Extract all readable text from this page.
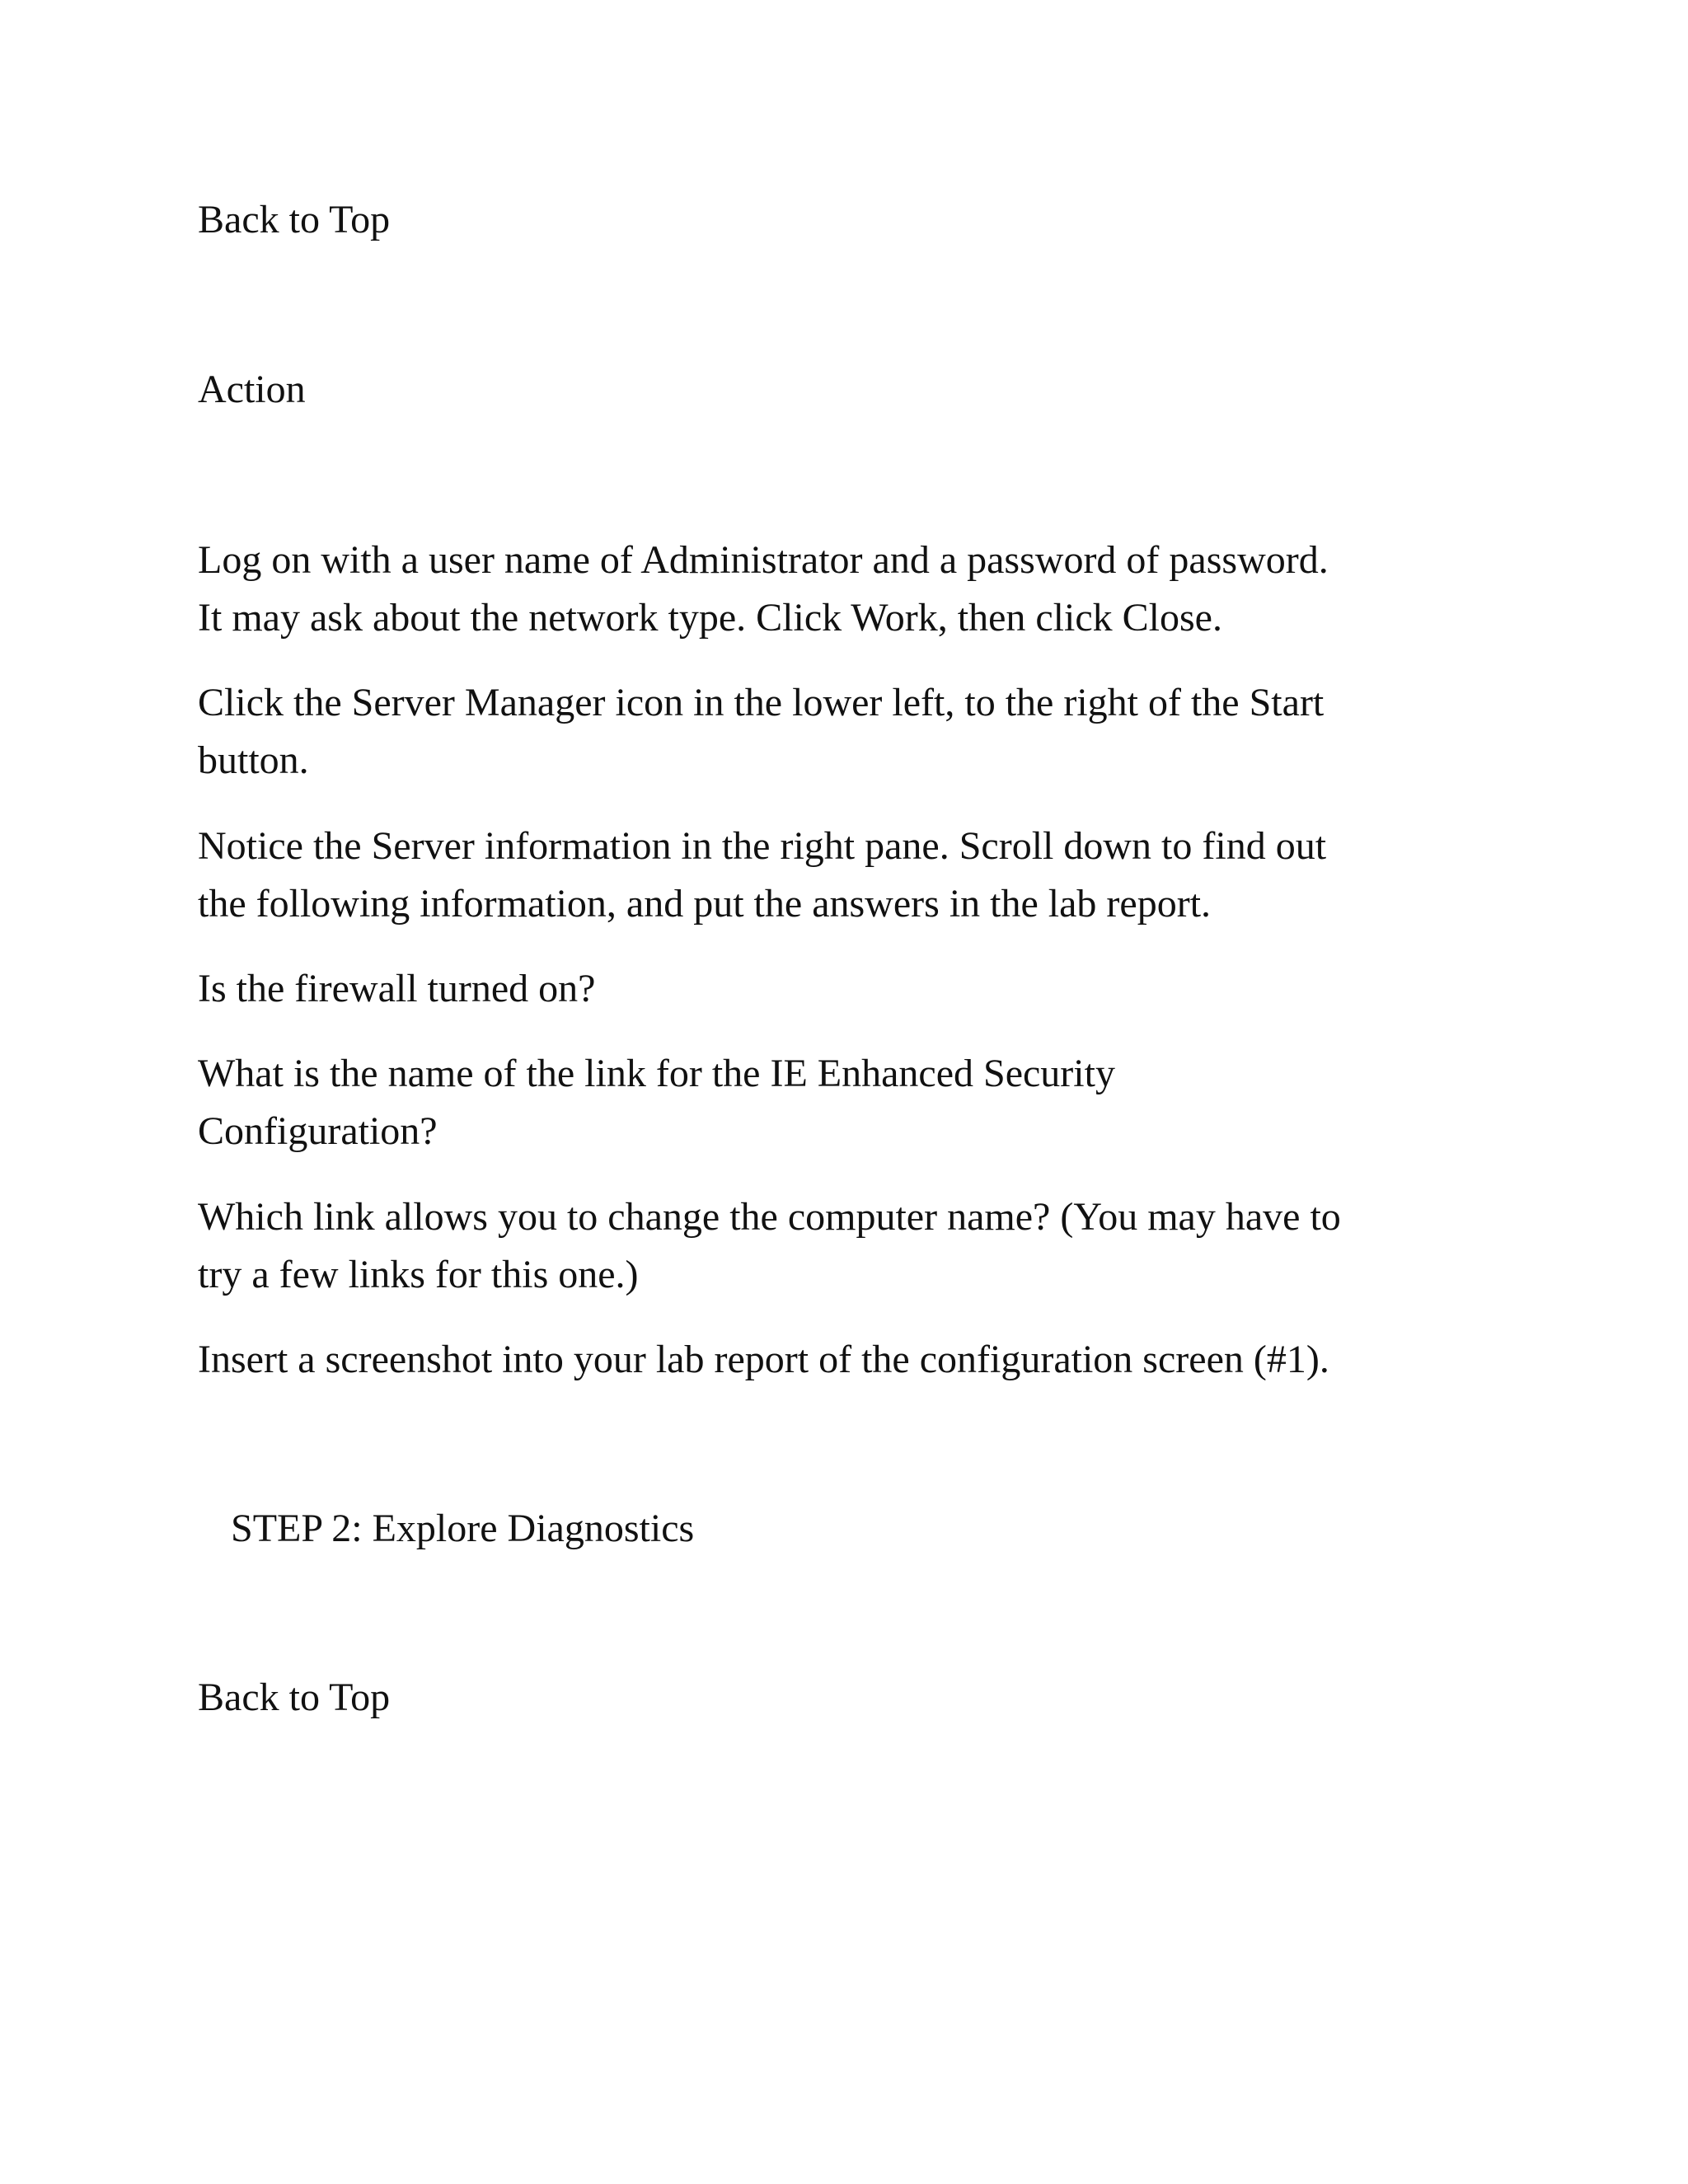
Back to Top

Action

Log on with a user name of Administrator and a password of password.

It may ask about the network type. Click Work, then click Close.

Click the Server Manager icon in the lower left, to the right of the Start

button.

Notice the Server information in the right pane. Scroll down to find out

the following information, and put the answers in the lab report.

Is the firewall turned on?

What is the name of the link for the IE Enhanced Security

Configuration?

Which link allows you to change the computer name? (You may have to

try a few links for this one.)

Insert a screenshot into your lab report of the configuration screen (#1).

STEP 2: Explore Diagnostics

Back to Top
